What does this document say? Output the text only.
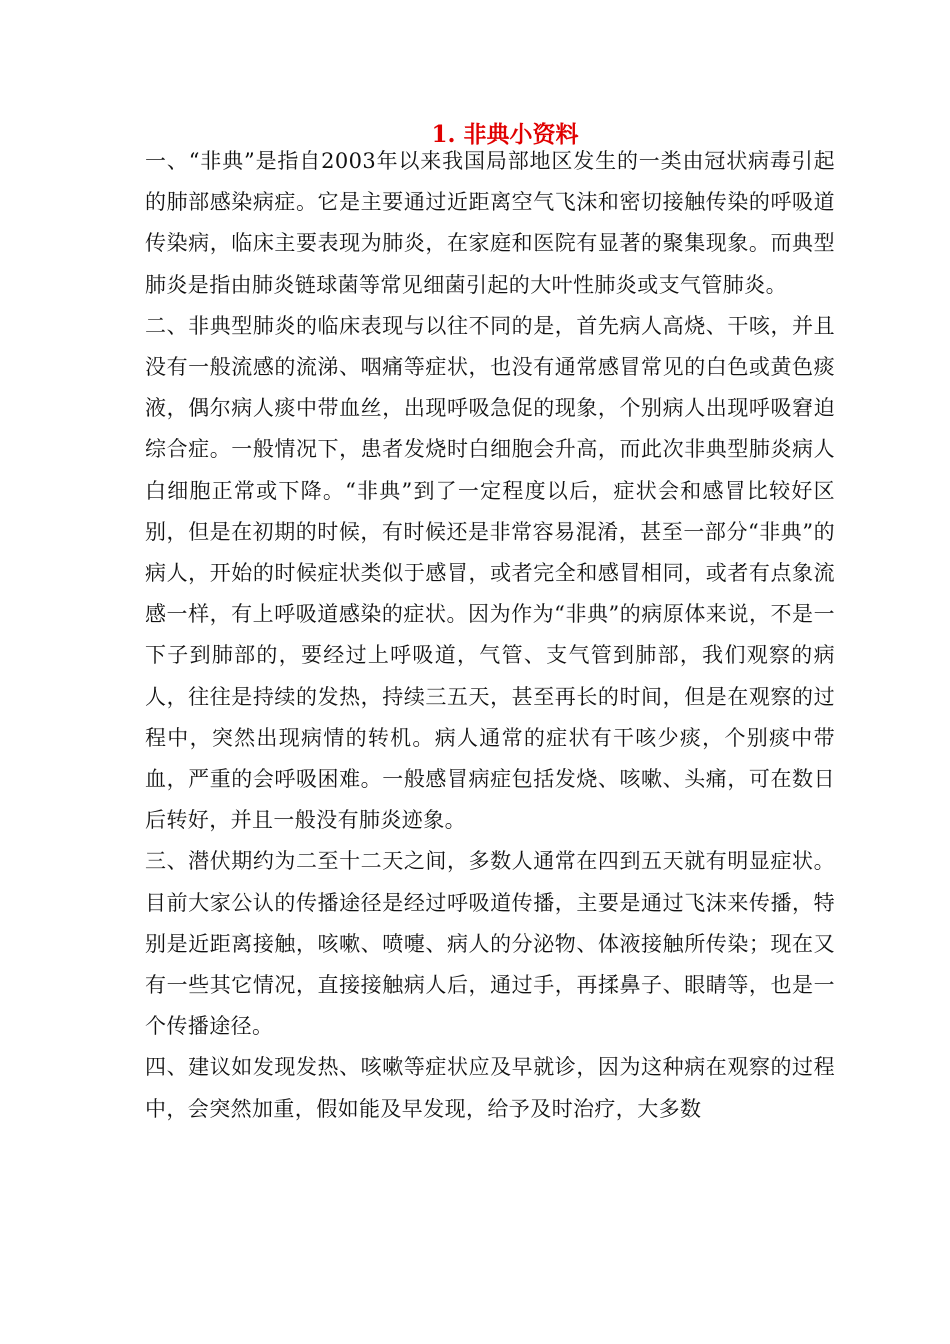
1. 非典小资料

一、“非典”是指自2003年以来我国局部地区发生的一类由冠状病毒引起的肺部感染病症。它是主要通过近距离空气飞沫和密切接触传染的呼吸道传染病，临床主要表现为肺炎，在家庭和医院有显著的聚集现象。而典型肺炎是指由肺炎链球菌等常见细菌引起的大叶性肺炎或支气管肺炎。

二、非典型肺炎的临床表现与以往不同的是，首先病人高烧、干咳，并且没有一般流感的流涕、咽痛等症状，也没有通常感冒常见的白色或黄色痰液，偶尔病人痰中带血丝，出现呼吸急促的现象，个别病人出现呼吸窘迫综合症。一般情况下，患者发烧时白细胞会升高，而此次非典型肺炎病人白细胞正常或下降。“非典”到了一定程度以后，症状会和感冒比较好区别，但是在初期的时候，有时候还是非常容易混淆，甚至一部分“非典”的病人，开始的时候症状类似于感冒，或者完全和感冒相同，或者有点象流感一样，有上呼吸道感染的症状。因为作为“非典”的病原体来说，不是一下子到肺部的，要经过上呼吸道，气管、支气管到肺部，我们观察的病人，往往是持续的发热，持续三五天，甚至再长的时间，但是在观察的过程中，突然出现病情的转机。病人通常的症状有干咳少痰，个别痰中带血，严重的会呼吸困难。一般感冒病症包括发烧、咳嗽、头痛，可在数日后转好，并且一般没有肺炎迹象。

三、潜伏期约为二至十二天之间，多数人通常在四到五天就有明显症状。目前大家公认的传播途径是经过呼吸道传播，主要是通过飞沫来传播，特别是近距离接触，咳嗽、喷嚏、病人的分泌物、体液接触所传染；现在又有一些其它情况，直接接触病人后，通过手，再揉鼻子、眼睛等，也是一个传播途径。

四、建议如发现发热、咳嗽等症状应及早就诊，因为这种病在观察的过程中，会突然加重，假如能及早发现，给予及时治疗，大多数
